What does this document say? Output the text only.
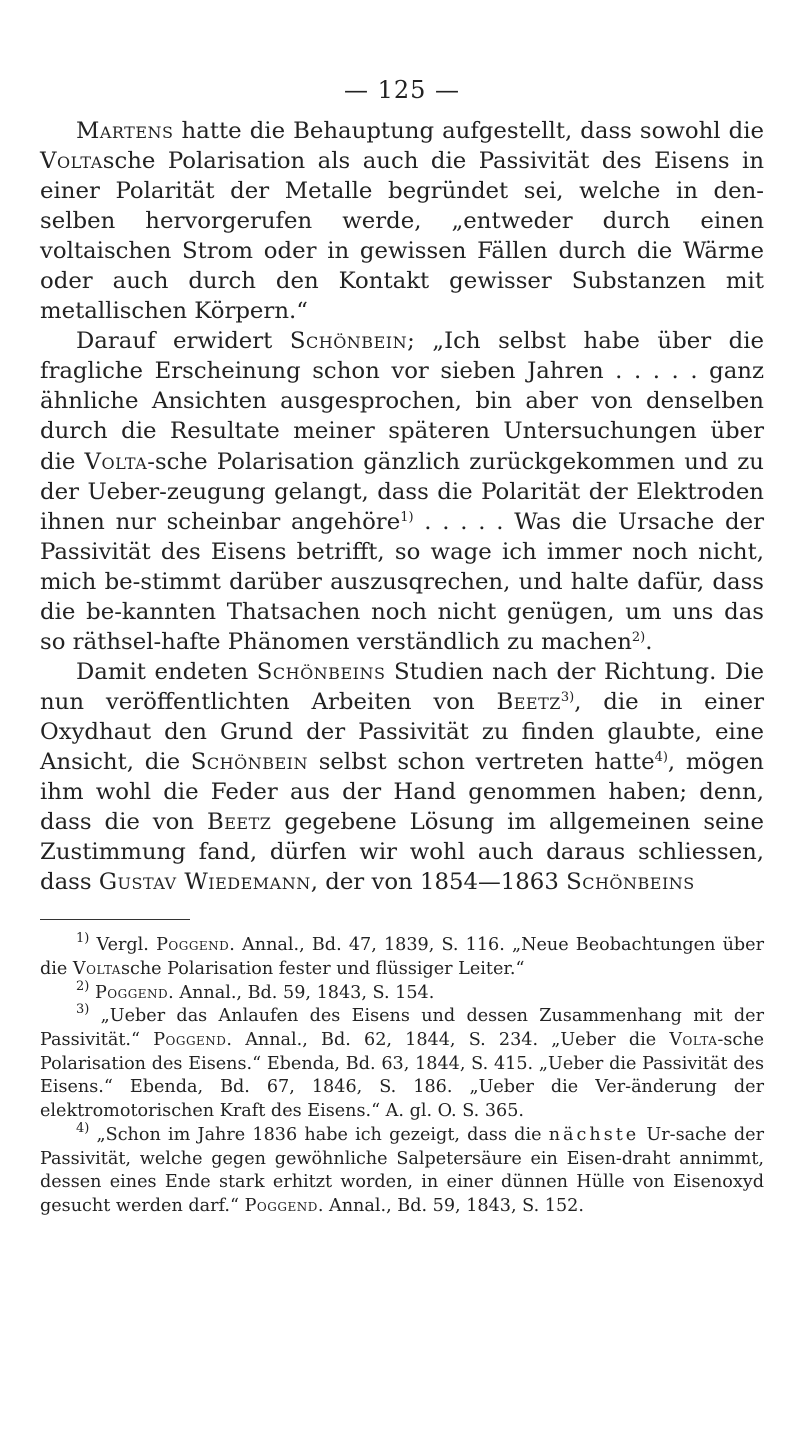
— 125 —

Martens hatte die Behauptung aufgestellt, dass sowohl die Voltasche Polarisation als auch die Passivität des Eisens in einer Polarität der Metalle begründet sei, welche in den-selben hervorgerufen werde, „entweder durch einen voltaischen Strom oder in gewissen Fällen durch die Wärme oder auch durch den Kontakt gewisser Substanzen mit metallischen Körpern.“

Darauf erwidert Schönbein; „Ich selbst habe über die fragliche Erscheinung schon vor sieben Jahren . . . . . ganz ähnliche Ansichten ausgesprochen, bin aber von denselben durch die Resultate meiner späteren Untersuchungen über die Volta-sche Polarisation gänzlich zurückgekommen und zu der Ueber-zeugung gelangt, dass die Polarität der Elektroden ihnen nur scheinbar angehöre$^{1)}$ . . . . . Was die Ursache der Passivität des Eisens betrifft, so wage ich immer noch nicht, mich be-stimmt darüber auszusqrechen, und halte dafür, dass die be-kannten Thatsachen noch nicht genügen, um uns das so räthsel-hafte Phänomen verständlich zu machen$^{2)}$.

Damit endeten Schönbeins Studien nach der Richtung. Die nun veröffentlichten Arbeiten von Beetz$^{3)}$, die in einer Oxydhaut den Grund der Passivität zu finden glaubte, eine Ansicht, die Schönbein selbst schon vertreten hatte$^{4)}$, mögen ihm wohl die Feder aus der Hand genommen haben; denn, dass die von Beetz gegebene Lösung im allgemeinen seine Zustimmung fand, dürfen wir wohl auch daraus schliessen, dass Gustav Wiedemann, der von 1854—1863 Schönbeins

$^{1)}$ Vergl. Poggend. Annal., Bd. 47, 1839, S. 116. „Neue Beobachtungen über die Voltasche Polarisation fester und flüssiger Leiter.“

$^{2)}$ Poggend. Annal., Bd. 59, 1843, S. 154.

$^{3)}$ „Ueber das Anlaufen des Eisens und dessen Zusammenhang mit der Passivität.“ Poggend. Annal., Bd. 62, 1844, S. 234. „Ueber die Volta-sche Polarisation des Eisens.“ Ebenda, Bd. 63, 1844, S. 415. „Ueber die Passivität des Eisens.“ Ebenda, Bd. 67, 1846, S. 186. „Ueber die Ver-änderung der elektromotorischen Kraft des Eisens.“ A. gl. O. S. 365.

$^{4)}$ „Schon im Jahre 1836 habe ich gezeigt, dass die nächste Ur-sache der Passivität, welche gegen gewöhnliche Salpetersäure ein Eisen-draht annimmt, dessen eines Ende stark erhitzt worden, in einer dünnen Hülle von Eisenoxyd gesucht werden darf.“ Poggend. Annal., Bd. 59, 1843, S. 152.
